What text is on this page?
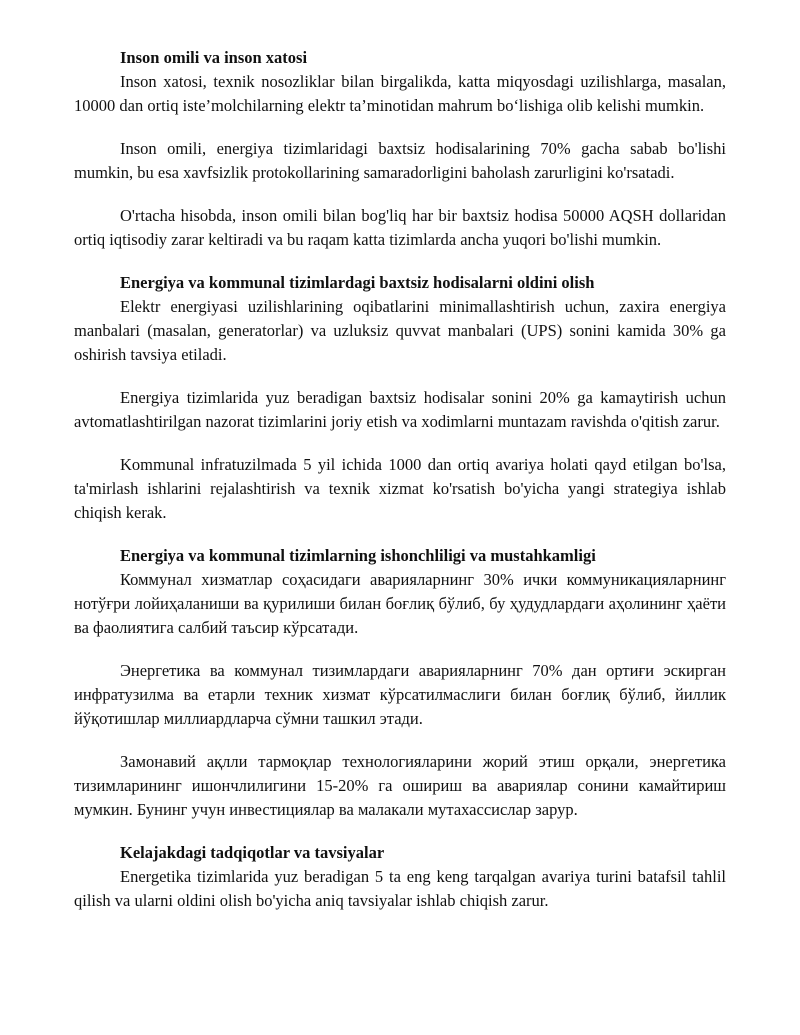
Inson omili va inson xatosi

Inson xatosi, texnik nosozliklar bilan birgalikda, katta miqyosdagi uzilishlarga, masalan, 10000 dan ortiq iste’molchilarning elektr ta’minotidan mahrum bo‘lishiga olib kelishi mumkin.

Inson omili, energiya tizimlaridagi baxtsiz hodisalarining 70% gacha sabab bo'lishi mumkin, bu esa xavfsizlik protokollarining samaradorligini baholash zarurligini ko'rsatadi.

O'rtacha hisobda, inson omili bilan bog'liq har bir baxtsiz hodisa 50000 AQSH dollaridan ortiq iqtisodiy zarar keltiradi va bu raqam katta tizimlarda ancha yuqori bo'lishi mumkin.

Energiya va kommunal tizimlardagi baxtsiz hodisalarni oldini olish

Elektr energiyasi uzilishlarining oqibatlarini minimallashtirish uchun, zaxira energiya manbalari (masalan, generatorlar) va uzluksiz quvvat manbalari (UPS) sonini kamida 30% ga oshirish tavsiya etiladi.

Energiya tizimlarida yuz beradigan baxtsiz hodisalar sonini 20% ga kamaytirish uchun avtomatlashtirilgan nazorat tizimlarini joriy etish va xodimlarni muntazam ravishda o'qitish zarur.

Kommunal infratuzilmada 5 yil ichida 1000 dan ortiq avariya holati qayd etilgan bo'lsa, ta'mirlash ishlarini rejalashtirish va texnik xizmat ko'rsatish bo'yicha yangi strategiya ishlab chiqish kerak.

Energiya va kommunal tizimlarning ishonchliligi va mustahkamligi

Коммунал хизматлар соҳасидаги аварияларнинг 30% ички коммуникацияларнинг нотўғри лойиҳаланиши ва қурилиши билан боғлиқ бўлиб, бу ҳудудлардаги аҳолининг ҳаёти ва фаолиятига салбий таъсир кўрсатади.

Энергетика ва коммунал тизимлардаги аварияларнинг 70% дан ортиғи эскирган инфратузилма ва етарли техник хизмат кўрсатилмаслиги билан боғлиқ бўлиб, йиллик йўқотишлар миллиардларча сўмни ташкил этади.

Замонавий ақлли тармоқлар технологияларини жорий этиш орқали, энергетика тизимларининг ишончлилигини 15-20% га ошириш ва авариялар сонини камайтириш мумкин. Бунинг учун инвестициялар ва малакали мутахассислар зарур.

Kelajakdagi tadqiqotlar va tavsiyalar

Energetika tizimlarida yuz beradigan 5 ta eng keng tarqalgan avariya turini batafsil tahlil qilish va ularni oldini olish bo'yicha aniq tavsiyalar ishlab chiqish zarur.
